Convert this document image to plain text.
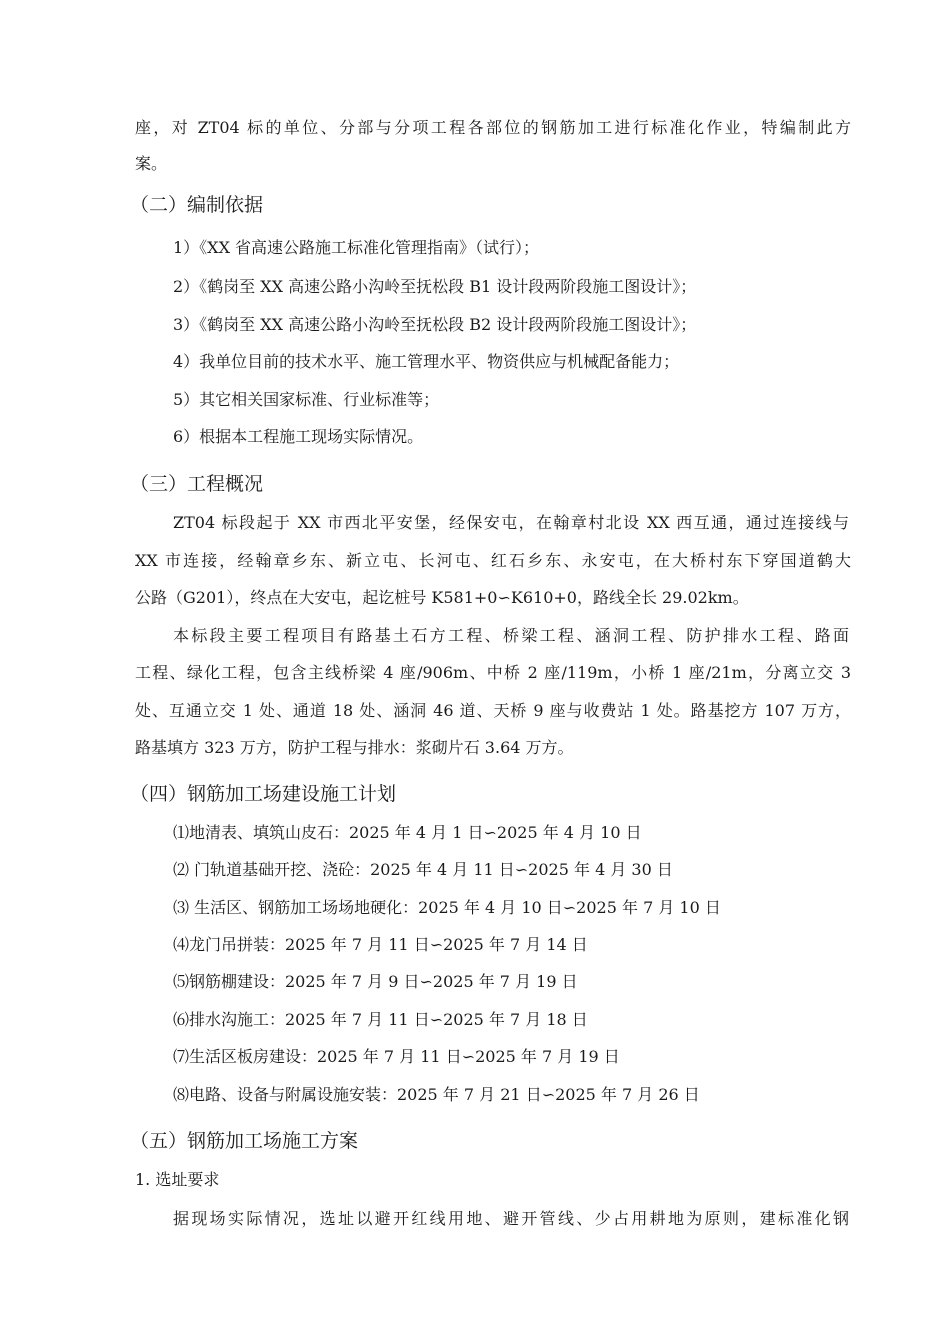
座，对 ZT04 标的单位、分部与分项工程各部位的钢筋加工进行标准化作业，特编制此方
案。
（二）编制依据
1）《XX 省高速公路施工标准化管理指南》（试行）；
2）《鹤岗至 XX 高速公路小沟岭至抚松段 B1 设计段两阶段施工图设计》；
3）《鹤岗至 XX 高速公路小沟岭至抚松段 B2 设计段两阶段施工图设计》；
4）我单位目前的技术水平、施工管理水平、物资供应与机械配备能力；
5）其它相关国家标准、行业标准等；
6）根据本工程施工现场实际情况。
（三）工程概况
ZT04 标段起于 XX 市西北平安堡，经保安屯，在翰章村北设 XX 西互通，通过连接线与
XX 市连接，经翰章乡东、新立屯、长河屯、红石乡东、永安屯，在大桥村东下穿国道鹤大
公路（G201），终点在大安屯，起讫桩号 K581+0∽K610+0，路线全长 29.02km。
本标段主要工程项目有路基土石方工程、桥梁工程、涵洞工程、防护排水工程、路面
工程、绿化工程，包含主线桥梁 4 座/906m、中桥 2 座/119m，小桥 1 座/21m，分离立交 3
处、互通立交 1 处、通道 18 处、涵洞 46 道、天桥 9 座与收费站 1 处。路基挖方 107 万方，
路基填方 323 万方，防护工程与排水：浆砌片石 3.64 万方。
（四）钢筋加工场建设施工计划
⑴地清表、填筑山皮石：2025 年 4 月 1 日∽2025 年 4 月 10 日
⑵ 门轨道基础开挖、浇砼：2025 年 4 月 11 日∽2025 年 4 月 30 日
⑶ 生活区、钢筋加工场场地硬化：2025 年 4 月 10 日∽2025 年 7 月 10 日
⑷龙门吊拼装：2025 年 7 月 11 日∽2025 年 7 月 14 日
⑸钢筋棚建设：2025 年 7 月 9 日∽2025 年 7 月 19 日
⑹排水沟施工：2025 年 7 月 11 日∽2025 年 7 月 18 日
⑺生活区板房建设：2025 年 7 月 11 日∽2025 年 7 月 19 日
⑻电路、设备与附属设施安装：2025 年 7 月 21 日∽2025 年 7 月 26 日
（五）钢筋加工场施工方案
1. 选址要求
据现场实际情况，选址以避开红线用地、避开管线、少占用耕地为原则，建标准化钢
